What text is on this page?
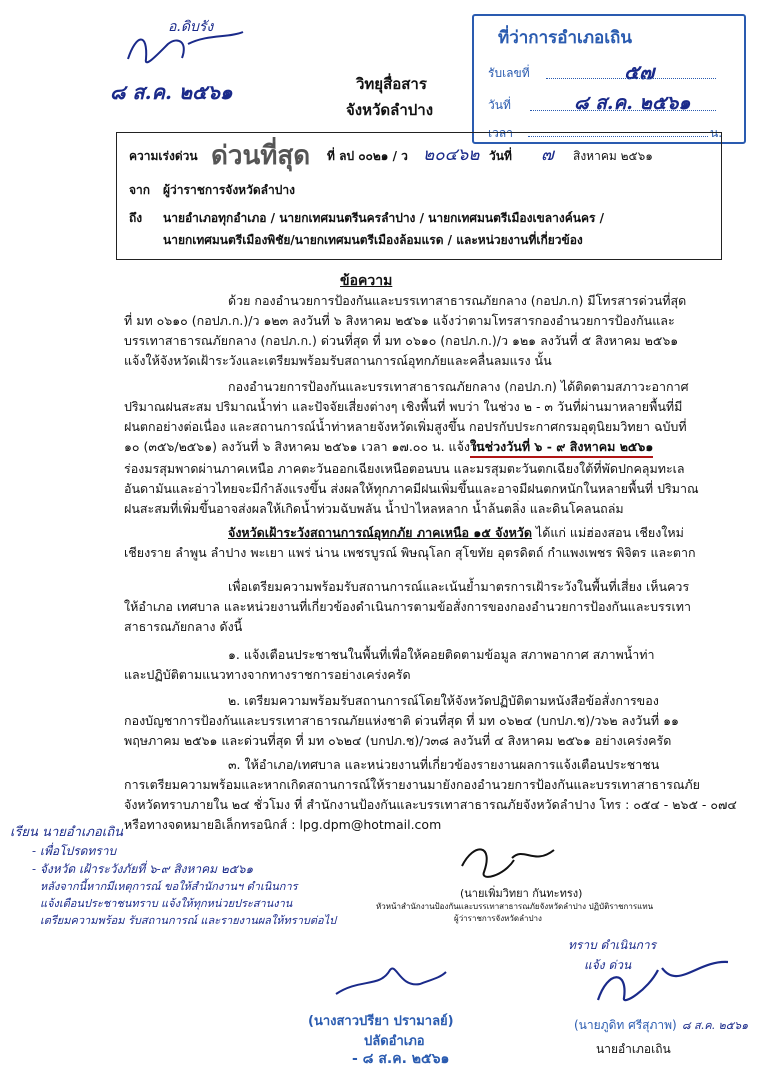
อ.ดิบรัง
๘ ส.ค. ๒๕๖๑
ที่ว่าการอำเภอเถิน
รับเลขที่	๕๗
วันที่	๘ ส.ค. ๒๕๖๑
เวลา	น.
วิทยุสื่อสาร
จังหวัดลำปาง
ความเร่งด่วน ด่วนที่สุด ที่ ลป ๐๐๒๑ / ว ๒๐๔๖๒ วันที่ ๗ สิงหาคม ๒๕๖๑
จาก ผู้ว่าราชการจังหวัดลำปาง
ถึง นายอำเภอทุกอำเภอ / นายกเทศมนตรีนครลำปาง / นายกเทศมนตรีเมืองเขลางค์นคร /
นายกเทศมนตรีเมืองพิชัย/นายกเทศมนตรีเมืองล้อมแรด / และหน่วยงานที่เกี่ยวข้อง
ข้อความ
ด้วย กองอำนวยการป้องกันและบรรเทาสาธารณภัยกลาง (กอปภ.ก) มีโทรสารด่วนที่สุด
ที่ มท ๐๖๑๐ (กอปภ.ก.)/ว ๑๒๓ ลงวันที่ ๖ สิงหาคม ๒๕๖๑ แจ้งว่าตามโทรสารกองอำนวยการป้องกันและ
บรรเทาสาธารณภัยกลาง (กอปภ.ก.) ด่วนที่สุด ที่ มท ๐๖๑๐ (กอปภ.ก.)/ว ๑๒๑ ลงวันที่ ๕ สิงหาคม ๒๕๖๑
แจ้งให้จังหวัดเฝ้าระวังและเตรียมพร้อมรับสถานการณ์อุทกภัยและคลื่นลมแรง นั้น
กองอำนวยการป้องกันและบรรเทาสาธารณภัยกลาง (กอปภ.ก) ได้ติดตามสภาวะอากาศ
ปริมาณฝนสะสม ปริมาณน้ำท่า และปัจจัยเสี่ยงต่างๆ เชิงพื้นที่ พบว่า ในช่วง ๒ - ๓ วันที่ผ่านมาหลายพื้นที่มี
ฝนตกอย่างต่อเนื่อง และสถานการณ์น้ำท่าหลายจังหวัดเพิ่มสูงขึ้น กอปรกับประกาศกรมอุตุนิยมวิทยา ฉบับที่
๑๐ (๓๕๖/๒๕๖๑) ลงวันที่ ๖ สิงหาคม ๒๕๖๑ เวลา ๑๗.๐๐ น. แจ้งว่า
ในช่วงวันที่ ๖ - ๙ สิงหาคม ๒๕๖๑
ร่องมรสุมพาดผ่านภาคเหนือ ภาคตะวันออกเฉียงเหนือตอนบน และมรสุมตะวันตกเฉียงใต้ที่พัดปกคลุมทะเล
อันดามันและอ่าวไทยจะมีกำลังแรงขึ้น ส่งผลให้ทุกภาคมีฝนเพิ่มขึ้นและอาจมีฝนตกหนักในหลายพื้นที่ ปริมาณ
ฝนสะสมที่เพิ่มขึ้นอาจส่งผลให้เกิดน้ำท่วมฉับพลัน น้ำป่าไหลหลาก น้ำล้นตลิ่ง และดินโคลนถล่ม
จังหวัดเฝ้าระวังสถานการณ์อุทกภัย ภาคเหนือ ๑๕ จังหวัด ได้แก่ แม่ฮ่องสอน เชียงใหม่
เชียงราย ลำพูน ลำปาง พะเยา แพร่ น่าน เพชรบูรณ์ พิษณุโลก สุโขทัย อุตรดิตถ์ กำแพงเพชร พิจิตร และตาก
เพื่อเตรียมความพร้อมรับสถานการณ์และเน้นย้ำมาตรการเฝ้าระวังในพื้นที่เสี่ยง เห็นควร
ให้อำเภอ เทศบาล และหน่วยงานที่เกี่ยวข้องดำเนินการตามข้อสั่งการของกองอำนวยการป้องกันและบรรเทา
สาธารณภัยกลาง ดังนี้
๑. แจ้งเตือนประชาชนในพื้นที่เพื่อให้คอยติดตามข้อมูล สภาพอากาศ สภาพน้ำท่า
และปฏิบัติตามแนวทางจากทางราชการอย่างเคร่งครัด
๒. เตรียมความพร้อมรับสถานการณ์โดยให้จังหวัดปฏิบัติตามหนังสือข้อสั่งการของ
กองบัญชาการป้องกันและบรรเทาสาธารณภัยแห่งชาติ ด่วนที่สุด ที่ มท ๐๖๒๔ (บกปภ.ช)/ว๖๒ ลงวันที่ ๑๑
พฤษภาคม ๒๕๖๑ และด่วนที่สุด ที่ มท ๐๖๒๔ (บกปภ.ช)/ว๓๘ ลงวันที่ ๔ สิงหาคม ๒๕๖๑ อย่างเคร่งครัด
๓. ให้อำเภอ/เทศบาล และหน่วยงานที่เกี่ยวข้องรายงานผลการแจ้งเตือนประชาชน
การเตรียมความพร้อมและหากเกิดสถานการณ์ให้รายงานมายังกองอำนวยการป้องกันและบรรเทาสาธารณภัย
จังหวัดทราบภายใน ๒๔ ชั่วโมง ที่ สำนักงานป้องกันและบรรเทาสาธารณภัยจังหวัดลำปาง โทร : ๐๕๔ - ๒๖๕ - ๐๗๔
หรือทางจดหมายอิเล็กทรอนิกส์ : lpg.dpm@hotmail.com
(นายเพิ่มวิทยา กันทะทรง)
หัวหน้าสำนักงานป้องกันและบรรเทาสาธารณภัยจังหวัดลำปาง ปฏิบัติราชการแทน
ผู้ว่าราชการจังหวัดลำปาง
เรียน นายอำเภอเถิน
- เพื่อโปรดทราบ
- จังหวัด เฝ้าระวังภัยที่ ๖-๙ สิงหาคม ๒๕๖๑
หลังจากนี้หากมีเหตุการณ์ ขอให้สำนักงานฯ ดำเนินการ
แจ้งเตือนประชาชนทราบ แจ้งให้ทุกหน่วยประสานงาน
เตรียมความพร้อม รับสถานการณ์ และรายงานผลให้ทราบต่อไป
(นางสาวปรียา ปรามาลย์)
ปลัดอำเภอ
- ๘ ส.ค. ๒๕๖๑
ทราบ ดำเนินการ
แจ้ง ด่วน
(นายภูดิท ศรีสุภาพ) ๘ ส.ค. ๒๕๖๑
นายอำเภอเถิน
